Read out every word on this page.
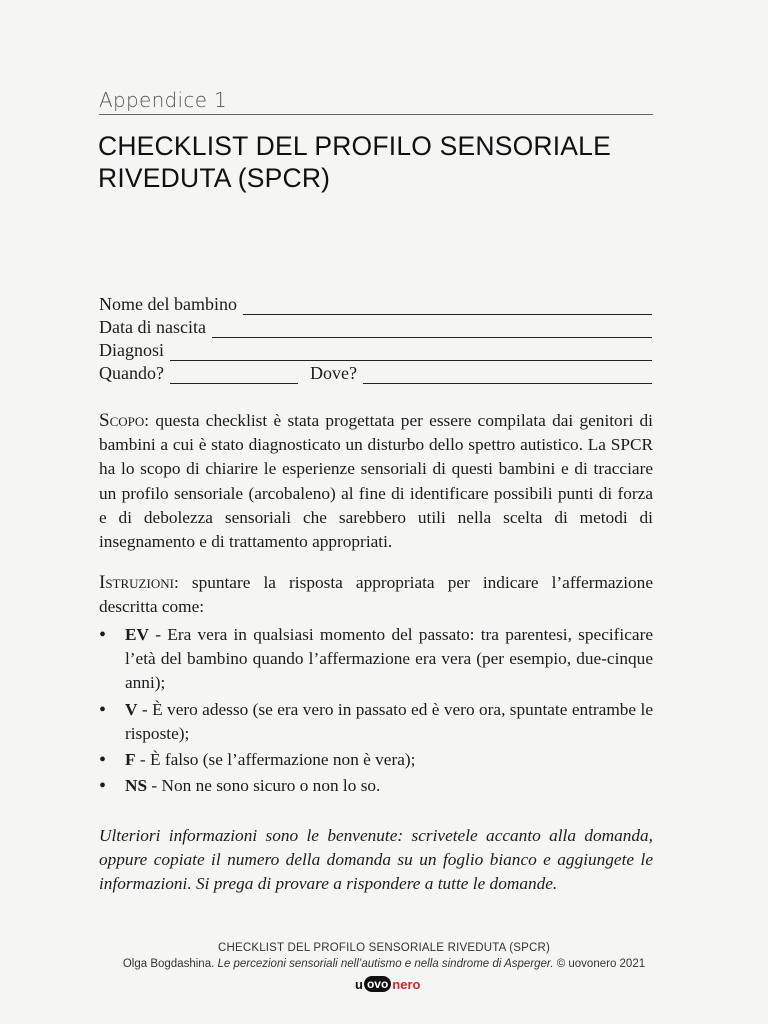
Appendice 1
CHECKLIST DEL PROFILO SENSORIALE
RIVEDUTA (SPCR)
Nome del bambino
Data di nascita
Diagnosi
Quando?	Dove?

Scopo: questa checklist è stata progettata per essere compilata dai genitori di bambini a cui è stato diagnosticato un disturbo dello spettro autistico. La SPCR ha lo scopo di chiarire le esperienze sensoriali di questi bambini e di tracciare un profilo sensoriale (arcobaleno) al fine di identificare possibili punti di forza e di debolezza sensoriali che sarebbero utili nella scelta di metodi di insegnamento e di trattamento appropriati.

Istruzioni: spuntare la risposta appropriata per indicare l’affermazione descritta come:

• EV - Era vera in qualsiasi momento del passato: tra parentesi, specificare l’età del bambino quando l’affermazione era vera (per esempio, due-cinque anni);
• V - È vero adesso (se era vero in passato ed è vero ora, spuntate entrambe le risposte);
• F - È falso (se l’affermazione non è vera);
• NS - Non ne sono sicuro o non lo so.

Ulteriori informazioni sono le benvenute: scrivetele accanto alla domanda, oppure copiate il numero della domanda su un foglio bianco e aggiungete le informazioni. Si prega di provare a rispondere a tutte le domande.

CHECKLIST DEL PROFILO SENSORIALE RIVEDUTA (SPCR)
Olga Bogdashina. Le percezioni sensoriali nell’autismo e nella sindrome di Asperger. © uovonero 2021
u ovo nero
